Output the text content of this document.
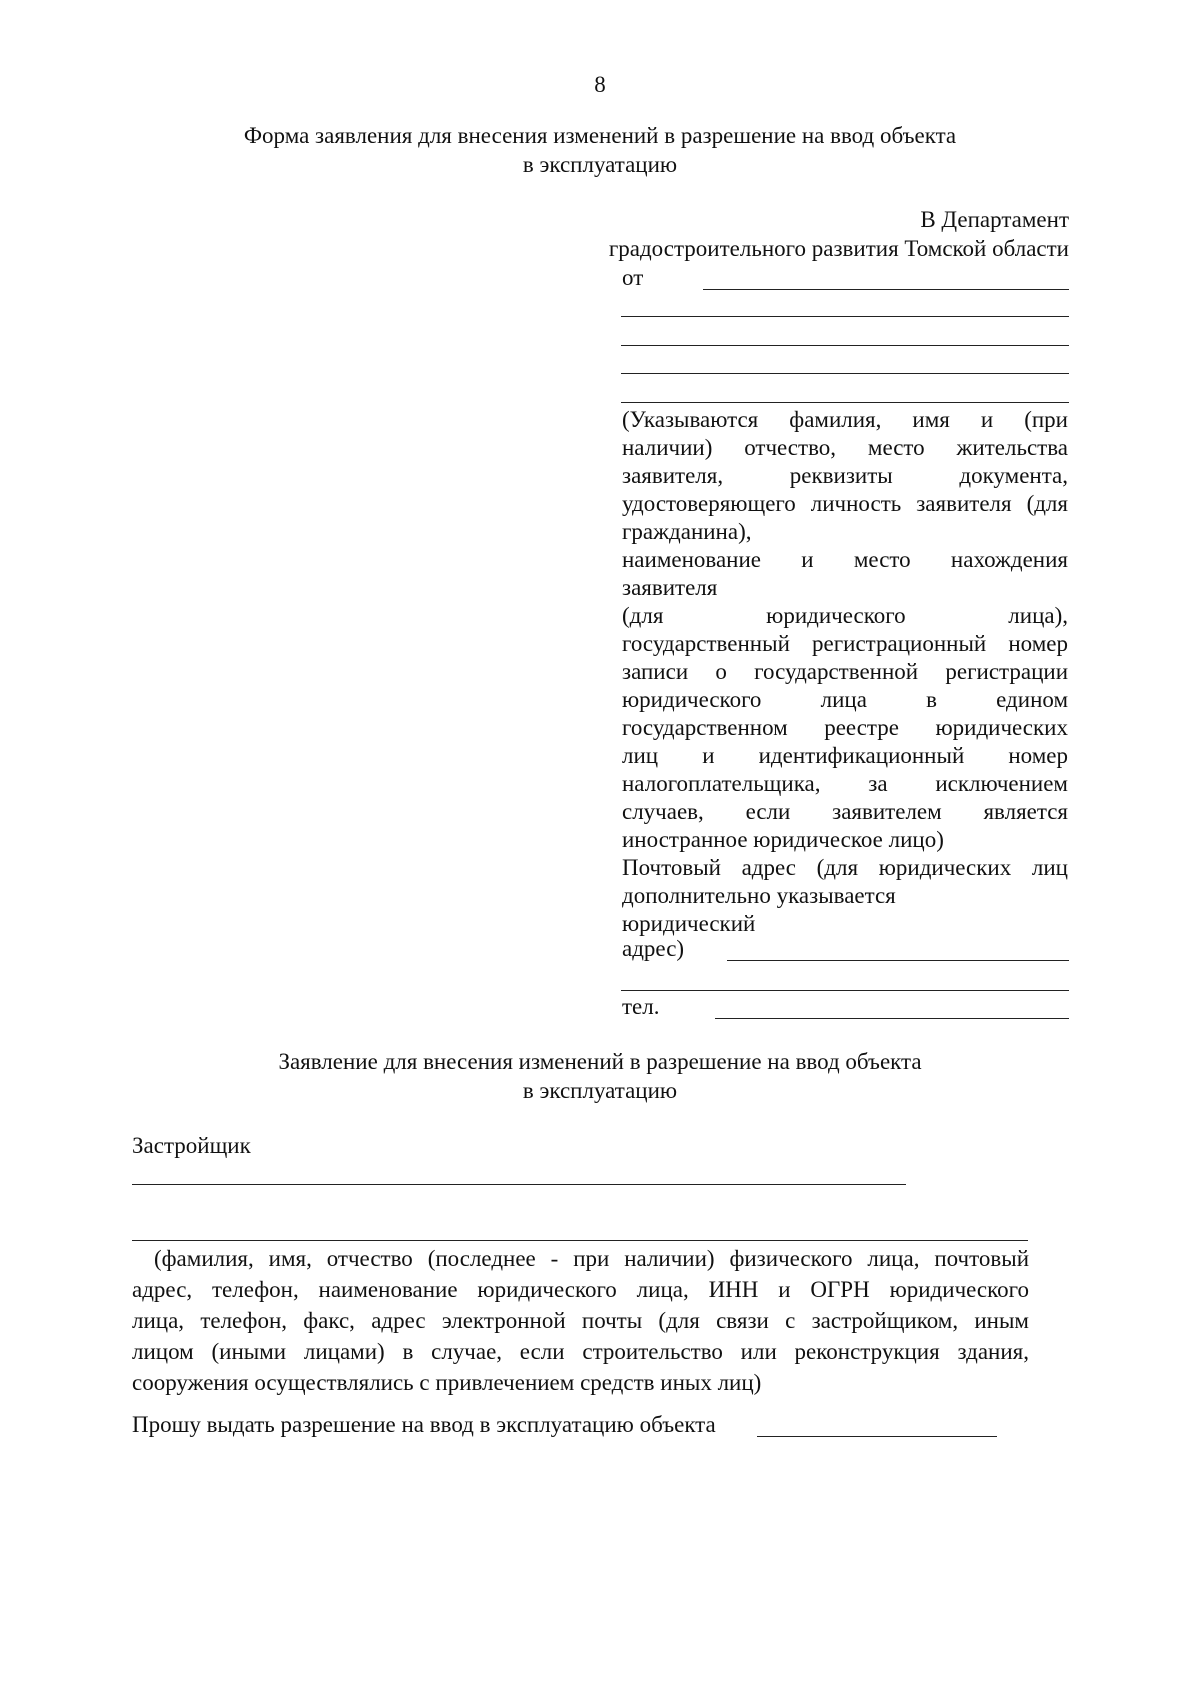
8
Форма заявления для внесения изменений в разрешение на ввод объекта
в эксплуатацию
В Департамент
градостроительного развития Томской области
от
(Указываются фамилия, имя и (при
наличии) отчество, место жительства
заявителя, реквизиты документа,
удостоверяющего личность заявителя (для
гражданина),
наименование и место нахождения
заявителя
(для юридического лица),
государственный регистрационный номер
записи о государственной регистрации
юридического лица в едином
государственном реестре юридических
лиц и идентификационный номер
налогоплательщика, за исключением
случаев, если заявителем является
иностранное юридическое лицо)
Почтовый адрес (для юридических лиц
дополнительно указывается
юридический
адрес)
тел.
Заявление для внесения изменений в разрешение на ввод объекта
в эксплуатацию
Застройщик
(фамилия, имя, отчество (последнее - при наличии) физического лица, почтовый
адрес, телефон, наименование юридического лица, ИНН и ОГРН юридического
лица, телефон, факс, адрес электронной почты (для связи с застройщиком, иным
лицом (иными лицами) в случае, если строительство или реконструкция здания,
сооружения осуществлялись с привлечением средств иных лиц)
Прошу выдать разрешение на ввод в эксплуатацию объекта
